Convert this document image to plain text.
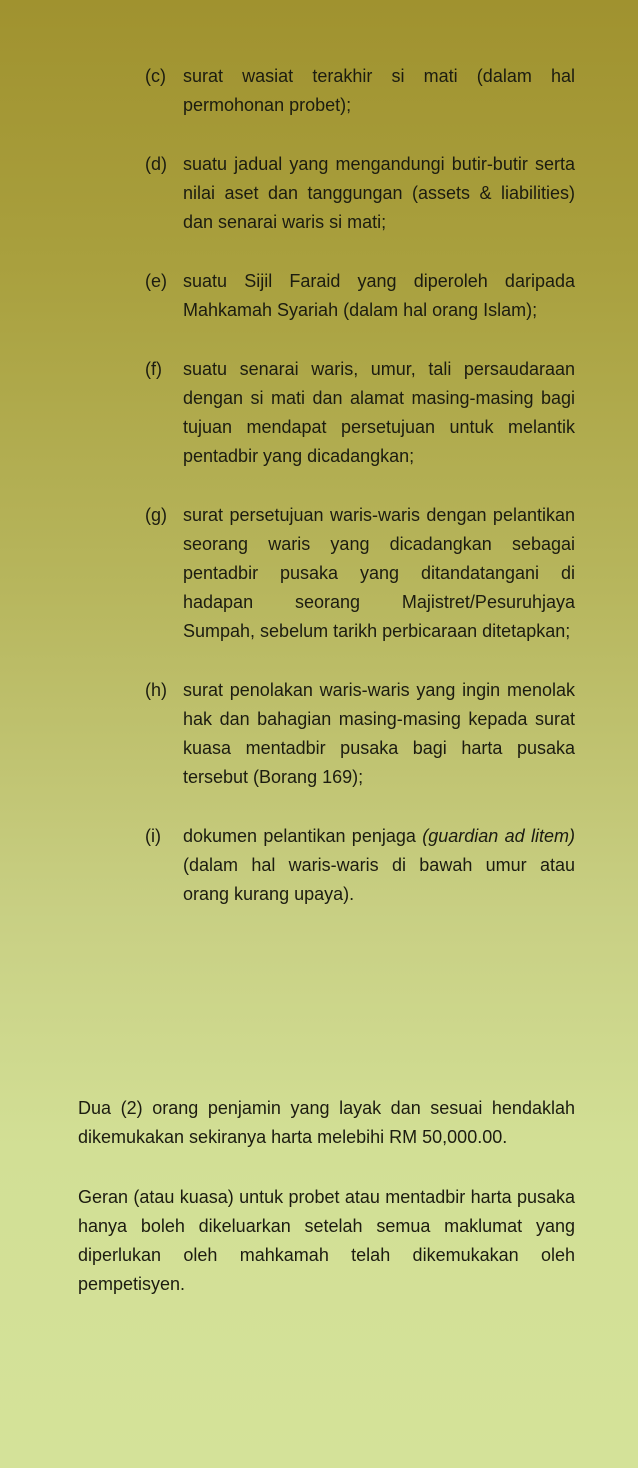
(c) surat wasiat terakhir si mati (dalam hal permohonan probet);
(d) suatu jadual yang mengandungi butir-butir serta nilai aset dan tanggungan (assets & liabilities) dan senarai waris si mati;
(e) suatu Sijil Faraid yang diperoleh daripada Mahkamah Syariah (dalam hal orang Islam);
(f)	suatu senarai waris, umur, tali persaudaraan dengan si mati dan alamat masing-masing bagi tujuan mendapat persetujuan untuk melantik pentadbir yang dicadangkan;
(g) surat persetujuan waris-waris dengan pelantikan seorang waris yang dicadangkan sebagai pentadbir pusaka yang ditandatangani di hadapan seorang Majistret/Pesuruhjaya Sumpah, sebelum tarikh perbicaraan ditetapkan;
(h) surat penolakan waris-waris yang ingin menolak hak dan bahagian masing-masing kepada surat kuasa mentadbir pusaka bagi harta pusaka tersebut (Borang 169);
(i)	dokumen pelantikan penjaga (guardian ad litem) (dalam hal waris-waris di bawah umur atau orang kurang upaya).

Dua (2) orang penjamin yang layak dan sesuai hendaklah dikemukakan sekiranya harta melebihi RM 50,000.00.

Geran (atau kuasa) untuk probet atau mentadbir harta pusaka hanya boleh dikeluarkan setelah semua maklumat yang diperlukan oleh mahkamah telah dikemukakan oleh pempetisyen.
